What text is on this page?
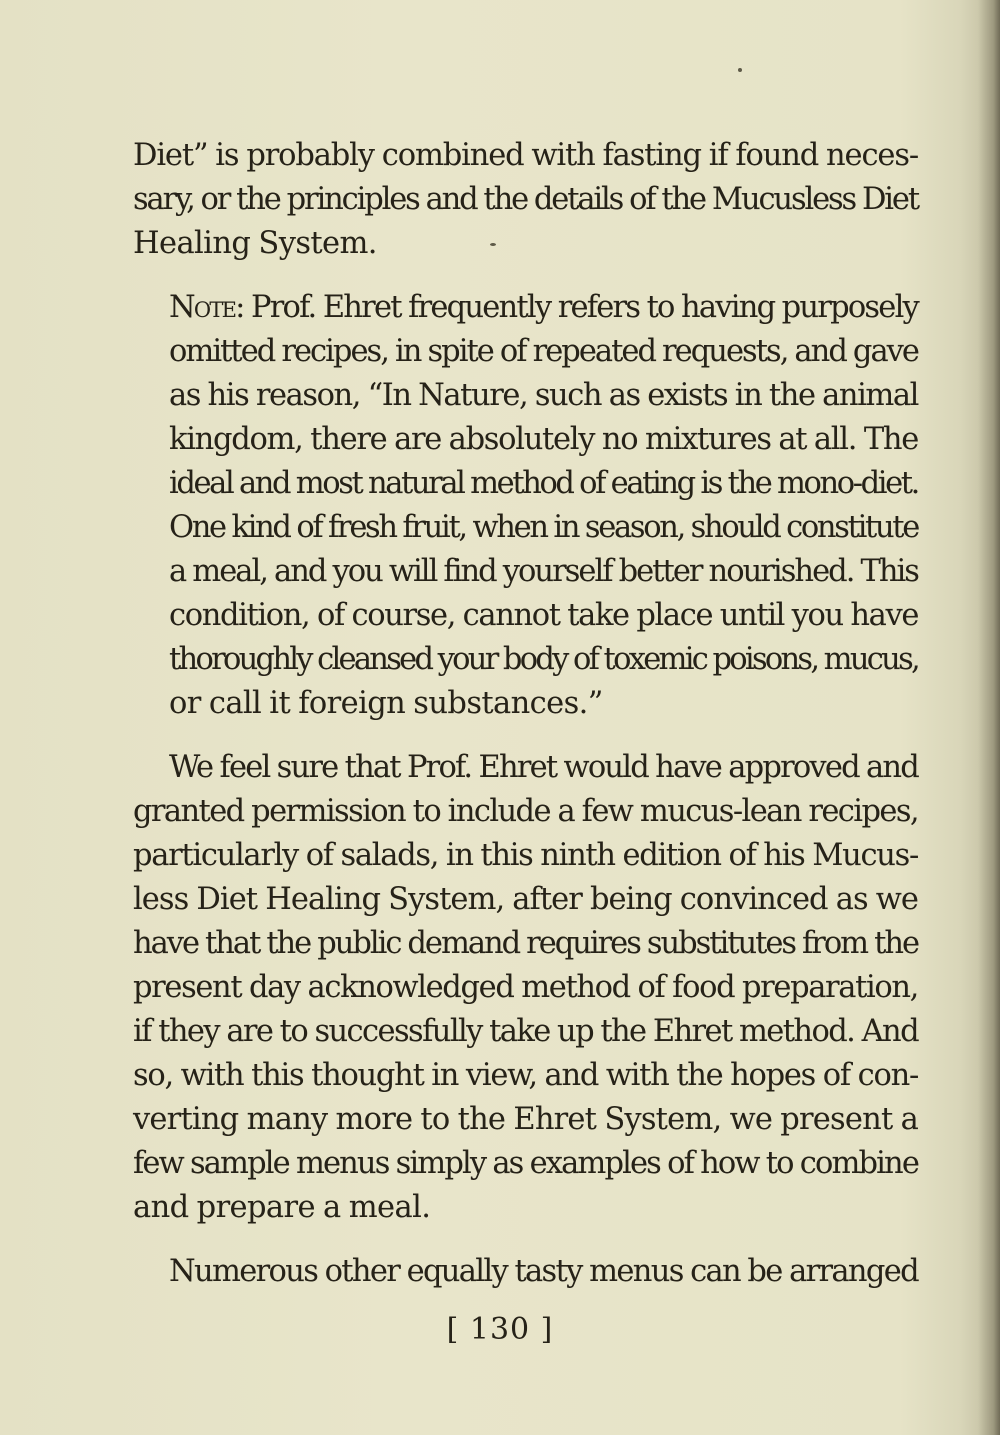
Diet” is probably combined with fasting if found neces-
sary, or the principles and the details of the Mucusless Diet
Healing System.

Note: Prof. Ehret frequently refers to having purposely
omitted recipes, in spite of repeated requests, and gave
as his reason, “In Nature, such as exists in the animal
kingdom, there are absolutely no mixtures at all. The
ideal and most natural method of eating is the mono-diet.
One kind of fresh fruit, when in season, should constitute
a meal, and you will find yourself better nourished. This
condition, of course, cannot take place until you have
thoroughly cleansed your body of toxemic poisons, mucus,
or call it foreign substances.”

We feel sure that Prof. Ehret would have approved and
granted permission to include a few mucus-lean recipes,
particularly of salads, in this ninth edition of his Mucus-
less Diet Healing System, after being convinced as we
have that the public demand requires substitutes from the
present day acknowledged method of food preparation,
if they are to successfully take up the Ehret method. And
so, with this thought in view, and with the hopes of con-
verting many more to the Ehret System, we present a
few sample menus simply as examples of how to combine
and prepare a meal.

Numerous other equally tasty menus can be arranged

[ 130 ]
